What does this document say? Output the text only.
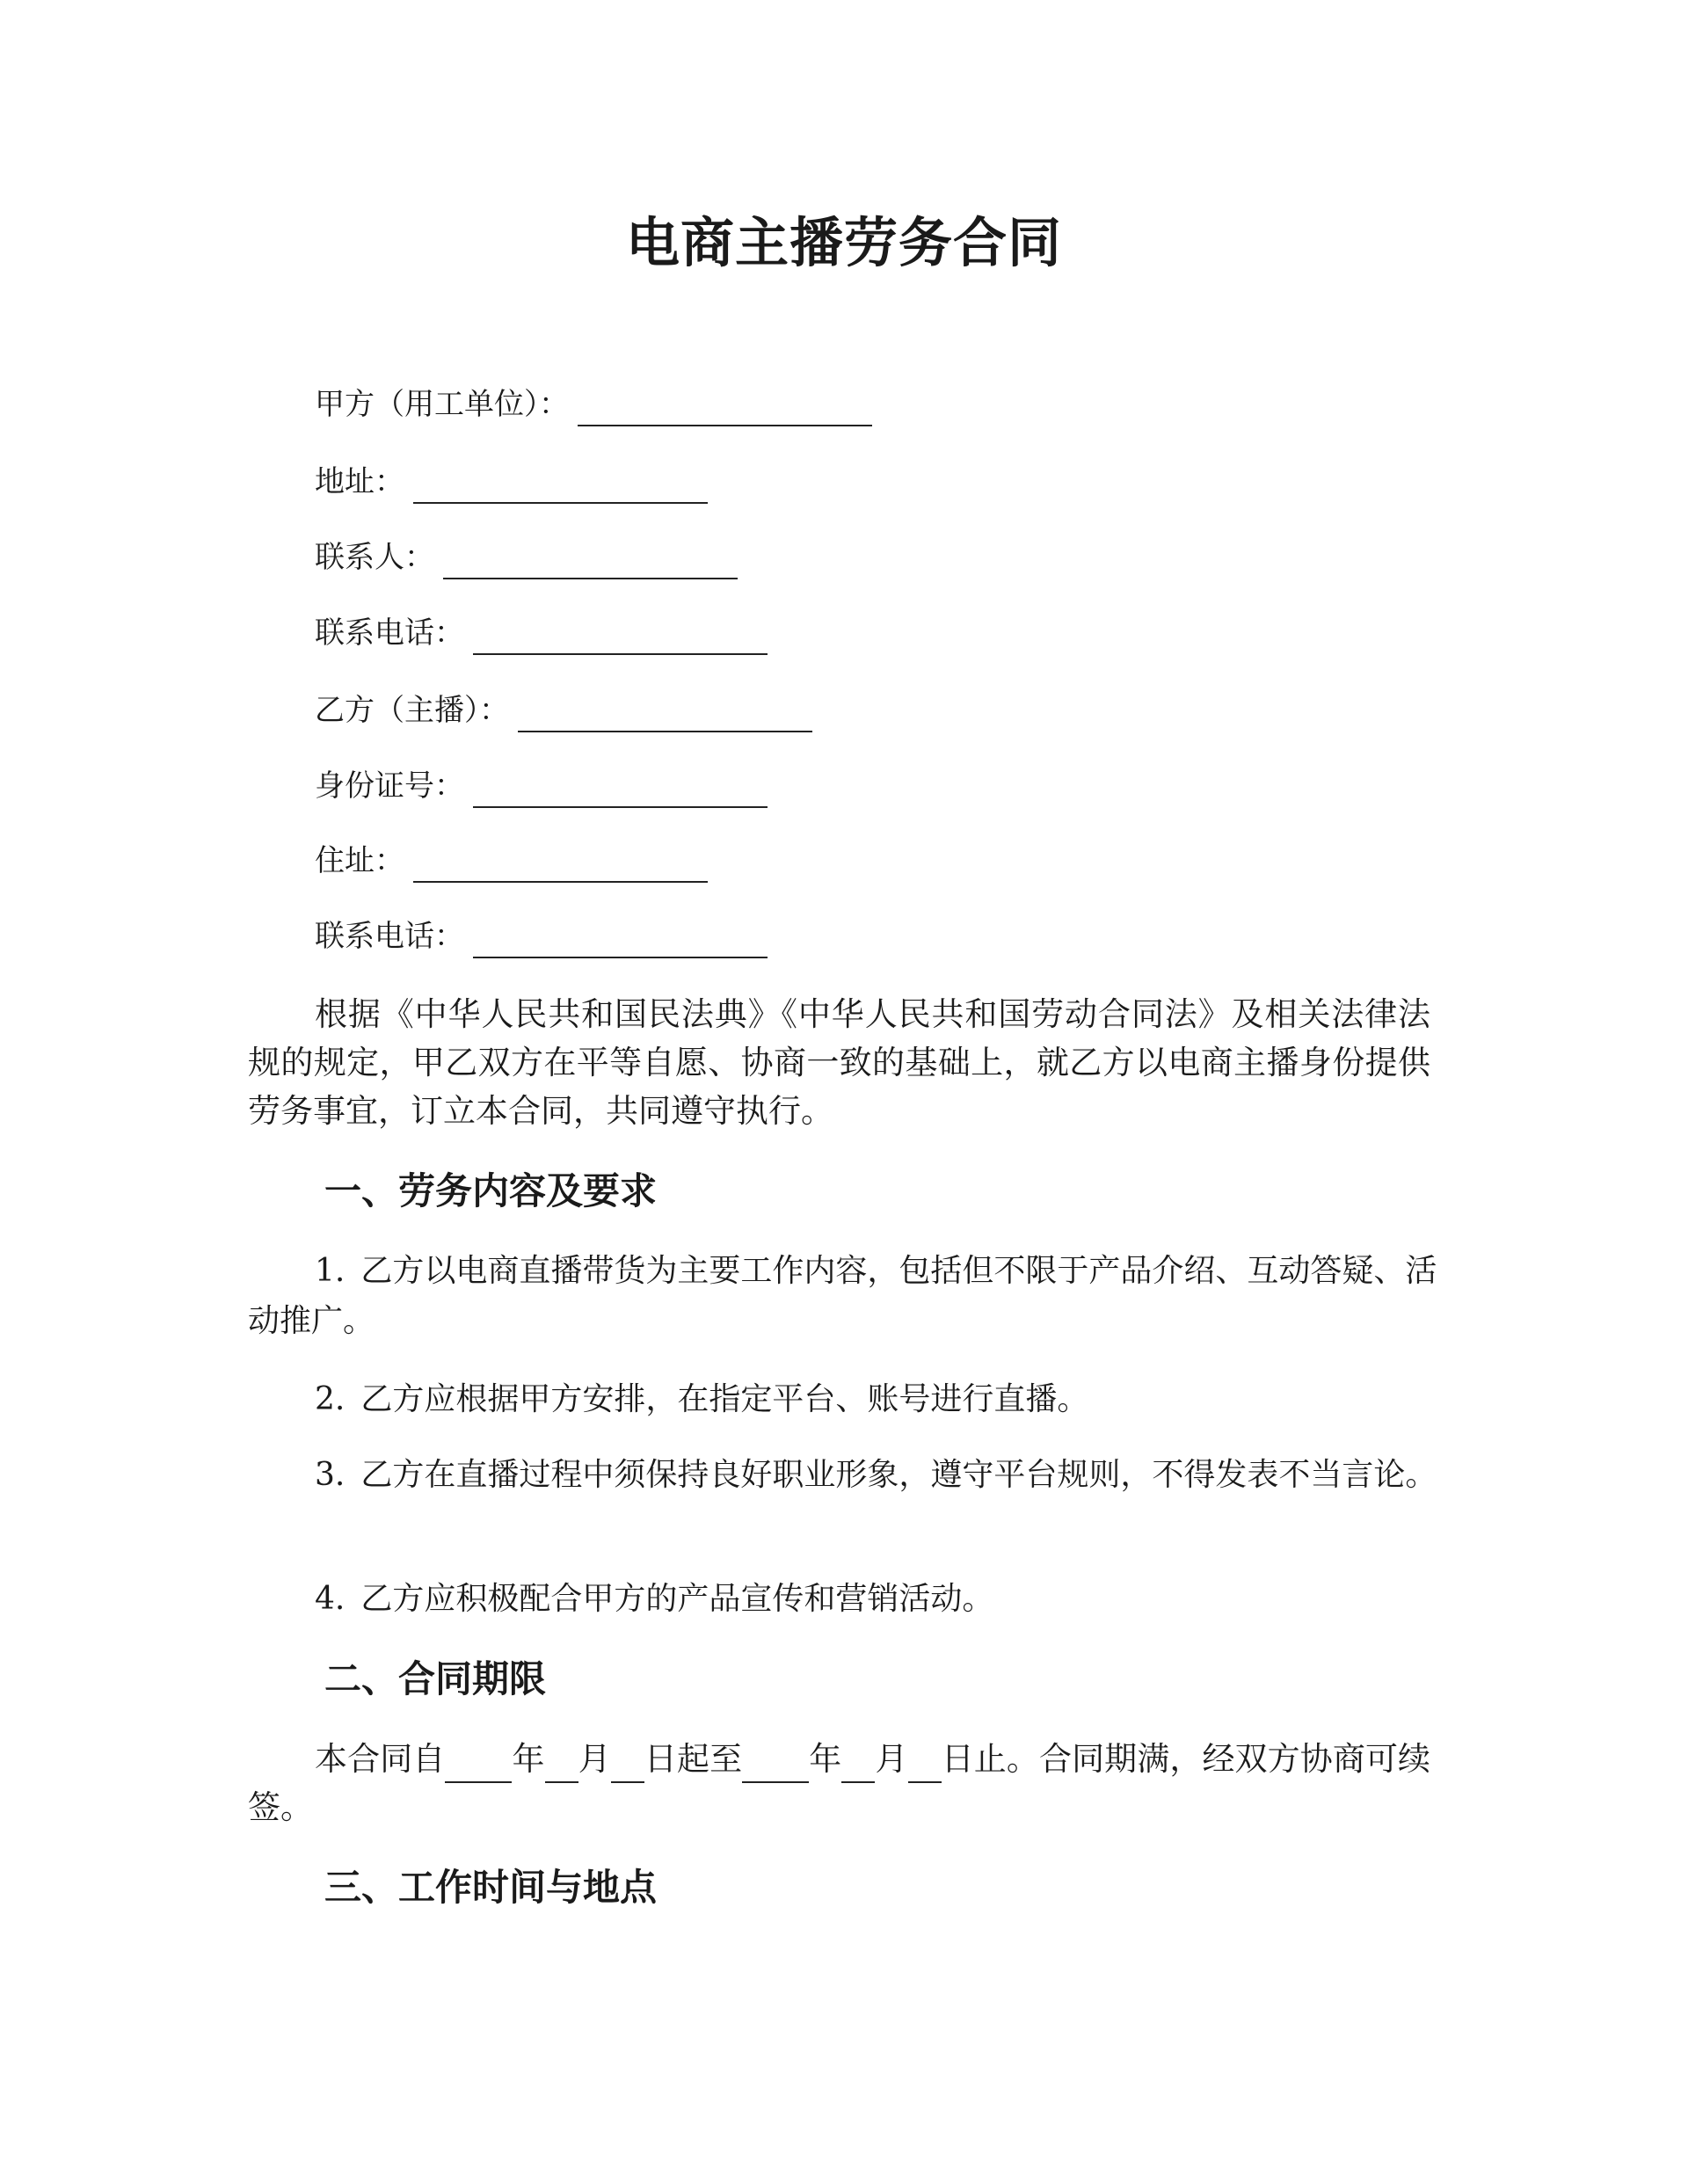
电商主播劳务合同
甲方（用工单位）：
地址：
联系人：
联系电话：
乙方（主播）：
身份证号：
住址：
联系电话：
根据《中华人民共和国民法典》《中华人民共和国劳动合同法》及相关法律法规的规定，甲乙双方在平等自愿、协商一致的基础上，就乙方以电商主播身份提供劳务事宜，订立本合同，共同遵守执行。
一、劳务内容及要求
1. 乙方以电商直播带货为主要工作内容，包括但不限于产品介绍、互动答疑、活动推广。
2. 乙方应根据甲方安排，在指定平台、账号进行直播。
3. 乙方在直播过程中须保持良好职业形象，遵守平台规则，不得发表不当言论。
4. 乙方应积极配合甲方的产品宣传和营销活动。
二、合同期限
本合同自 年 月 日起至 年 月 日止。合同期满，经双方协商可续签。
三、工作时间与地点
